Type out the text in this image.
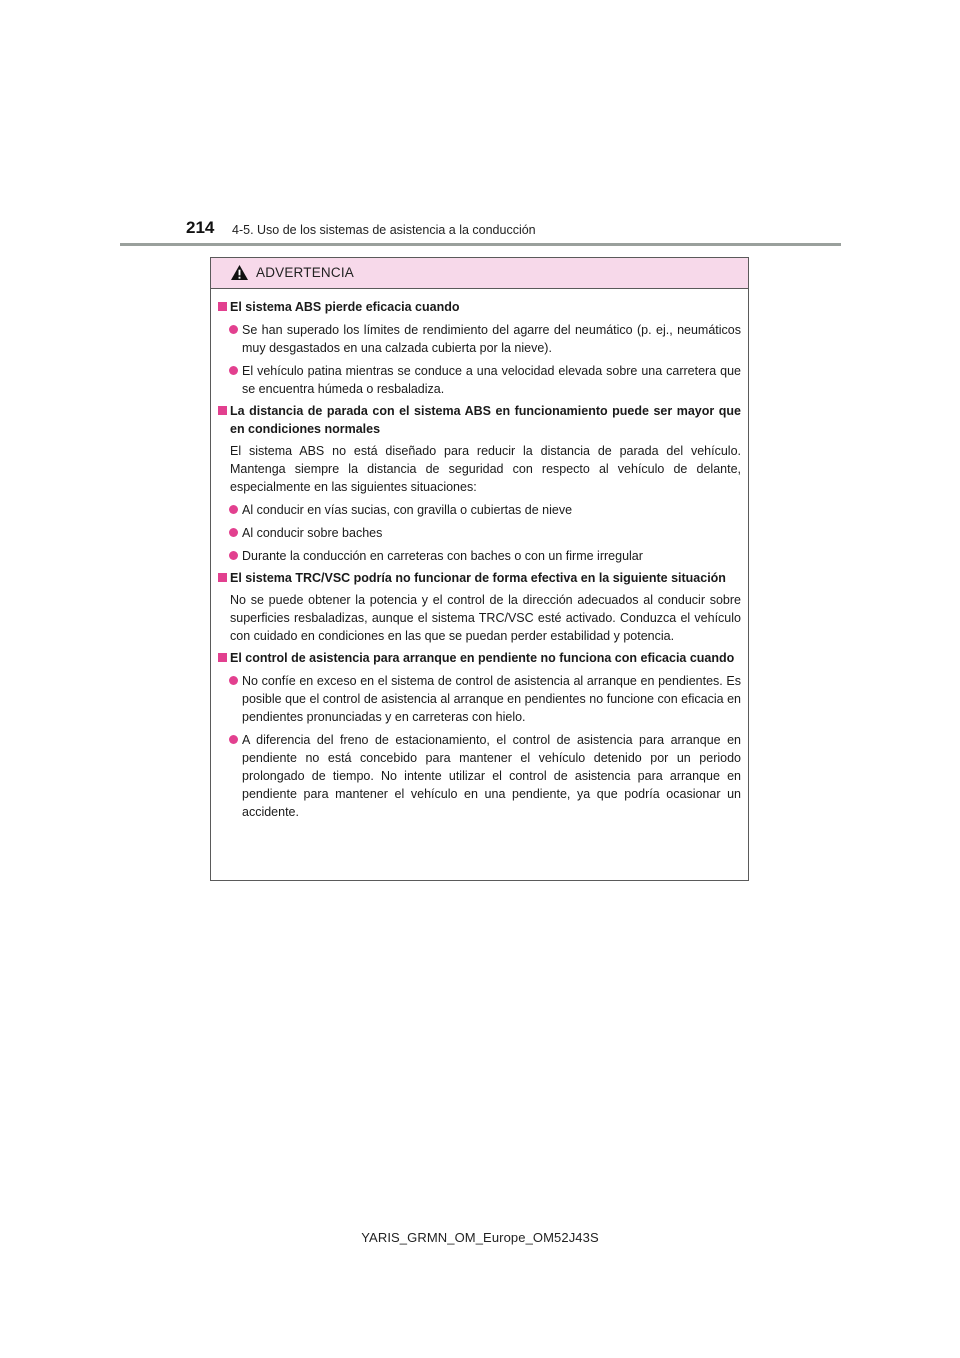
214 4-5. Uso de los sistemas de asistencia a la conducción
ADVERTENCIA
El sistema ABS pierde eficacia cuando
Se han superado los límites de rendimiento del agarre del neumático (p. ej., neumáticos muy desgastados en una calzada cubierta por la nieve).
El vehículo patina mientras se conduce a una velocidad elevada sobre una carretera que se encuentra húmeda o resbaladiza.
La distancia de parada con el sistema ABS en funcionamiento puede ser mayor que en condiciones normales
El sistema ABS no está diseñado para reducir la distancia de parada del vehículo. Mantenga siempre la distancia de seguridad con respecto al vehículo de delante, especialmente en las siguientes situaciones:
Al conducir en vías sucias, con gravilla o cubiertas de nieve
Al conducir sobre baches
Durante la conducción en carreteras con baches o con un firme irregular
El sistema TRC/VSC podría no funcionar de forma efectiva en la siguiente situación
No se puede obtener la potencia y el control de la dirección adecuados al conducir sobre superficies resbaladizas, aunque el sistema TRC/VSC esté activado. Conduzca el vehículo con cuidado en condiciones en las que se puedan perder estabilidad y potencia.
El control de asistencia para arranque en pendiente no funciona con eficacia cuando
No confíe en exceso en el sistema de control de asistencia al arranque en pendientes. Es posible que el control de asistencia al arranque en pendientes no funcione con eficacia en pendientes pronunciadas y en carreteras con hielo.
A diferencia del freno de estacionamiento, el control de asistencia para arranque en pendiente no está concebido para mantener el vehículo detenido por un periodo prolongado de tiempo. No intente utilizar el control de asistencia para arranque en pendiente para mantener el vehículo en una pendiente, ya que podría ocasionar un accidente.
YARIS_GRMN_OM_Europe_OM52J43S
